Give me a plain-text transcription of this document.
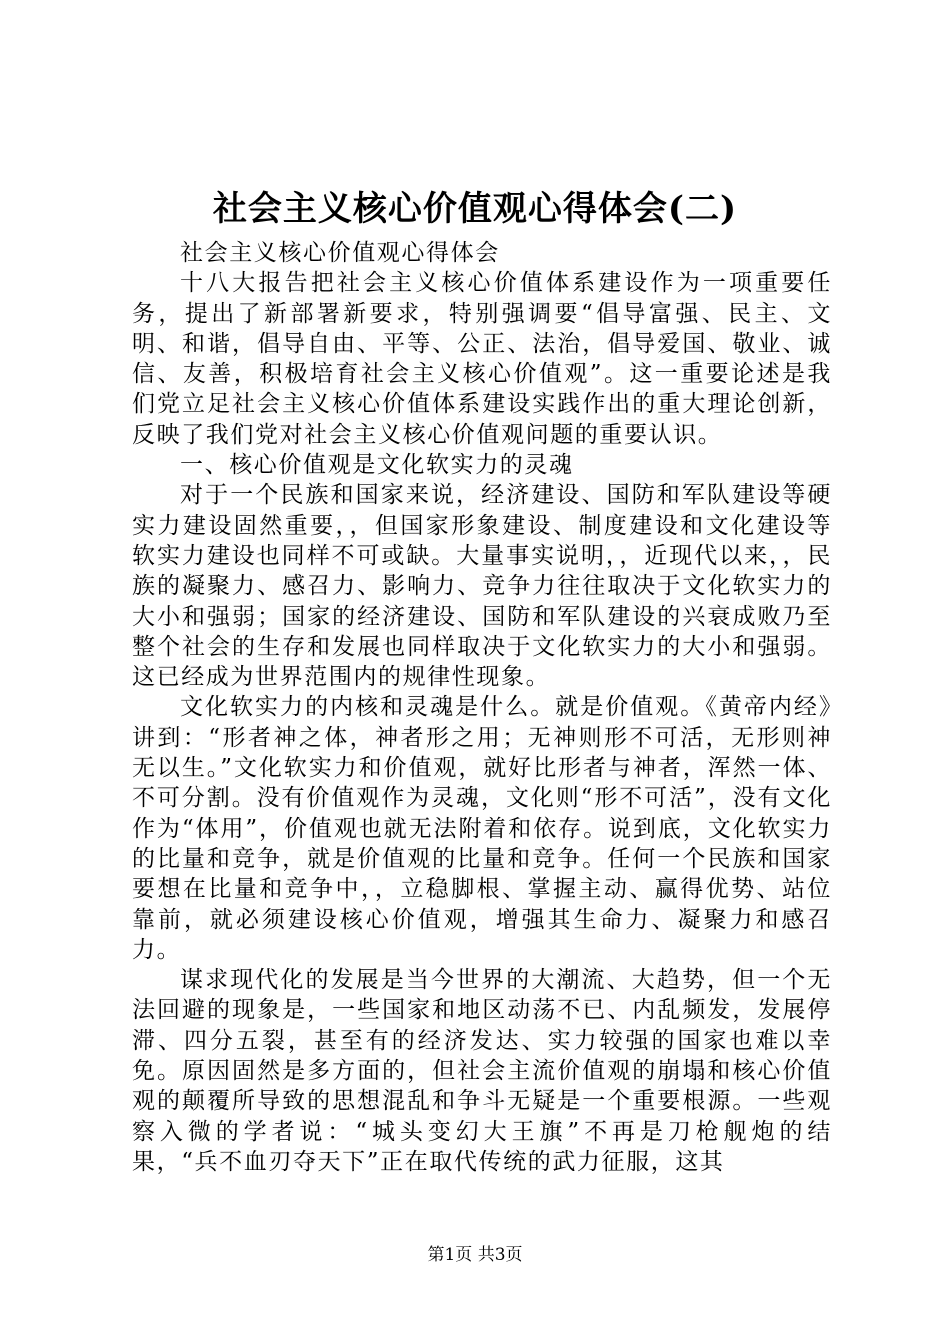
社会主义核心价值观心得体会(二)

社会主义核心价值观心得体会

十八大报告把社会主义核心价值体系建设作为一项重要任务，提出了新部署新要求，特别强调要“倡导富强、民主、文明、和谐，倡导自由、平等、公正、法治，倡导爱国、敬业、诚信、友善，积极培育社会主义核心价值观”。这一重要论述是我们党立足社会主义核心价值体系建设实践作出的重大理论创新，反映了我们党对社会主义核心价值观问题的重要认识。

一、核心价值观是文化软实力的灵魂

对于一个民族和国家来说，经济建设、国防和军队建设等硬实力建设固然重要，，但国家形象建设、制度建设和文化建设等软实力建设也同样不可或缺。大量事实说明，，近现代以来，，民族的凝聚力、感召力、影响力、竞争力往往取决于文化软实力的大小和强弱；国家的经济建设、国防和军队建设的兴衰成败乃至整个社会的生存和发展也同样取决于文化软实力的大小和强弱。这已经成为世界范围内的规律性现象。

文化软实力的内核和灵魂是什么。就是价值观。《黄帝内经》讲到：“形者神之体，神者形之用；无神则形不可活，无形则神无以生。”文化软实力和价值观，就好比形者与神者，浑然一体、不可分割。没有价值观作为灵魂，文化则“形不可活”，没有文化作为“体用”，价值观也就无法附着和依存。说到底，文化软实力的比量和竞争，就是价值观的比量和竞争。任何一个民族和国家要想在比量和竞争中，，立稳脚根、掌握主动、赢得优势、站位靠前，就必须建设核心价值观，增强其生命力、凝聚力和感召力。

谋求现代化的发展是当今世界的大潮流、大趋势，但一个无法回避的现象是，一些国家和地区动荡不已、内乱频发，发展停滞、四分五裂，甚至有的经济发达、实力较强的国家也难以幸免。原因固然是多方面的，但社会主流价值观的崩塌和核心价值观的颠覆所导致的思想混乱和争斗无疑是一个重要根源。一些观察入微的学者说：“城头变幻大王旗”不再是刀枪舰炮的结果，“兵不血刃夺天下”正在取代传统的武力征服，这其

第1页 共3页
